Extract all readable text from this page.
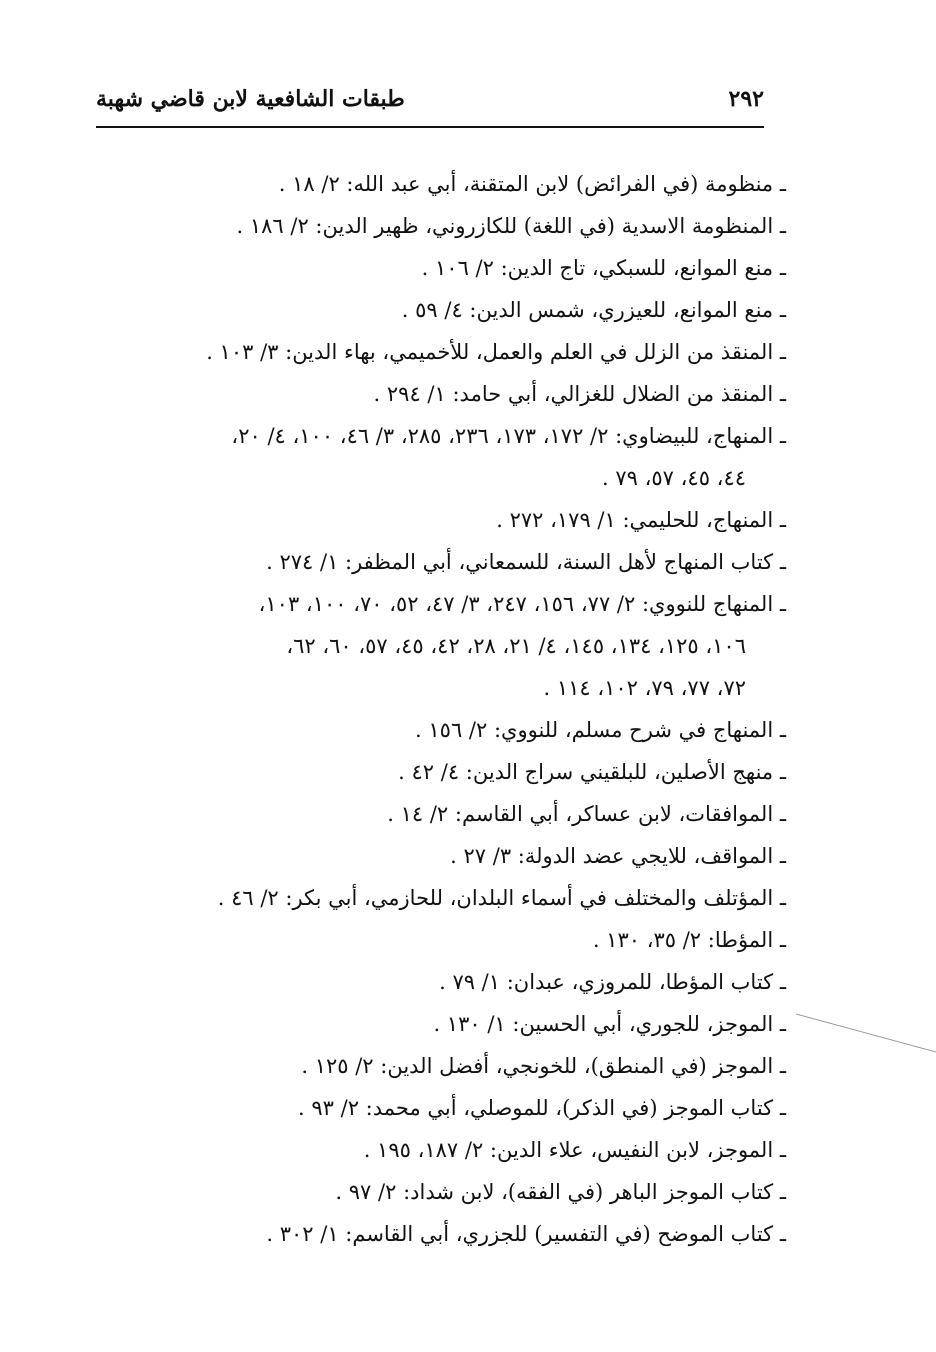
طبقات الشافعية لابن قاضي شهبة	٢٩٢
ـ منظومة (في الفرائض) لابن المتقنة، أبي عبد الله: ٢/ ١٨ .
ـ المنظومة الاسدية (في اللغة) للكازروني، ظهير الدين: ٢/ ١٨٦ .
ـ منع الموانع، للسبكي، تاج الدين: ٢/ ١٠٦ .
ـ منع الموانع، للعيزري، شمس الدين: ٤/ ٥٩ .
ـ المنقذ من الزلل في العلم والعمل، للأخميمي، بهاء الدين: ٣/ ١٠٣ .
ـ المنقذ من الضلال للغزالي، أبي حامد: ١/ ٢٩٤ .
ـ المنهاج، للبيضاوي: ٢/ ١٧٢، ١٧٣، ٢٣٦، ٢٨٥، ٣/ ٤٦، ١٠٠، ٤/ ٢٠،
٤٤، ٤٥، ٥٧، ٧٩ .
ـ المنهاج، للحليمي: ١/ ١٧٩، ٢٧٢ .
ـ كتاب المنهاج لأهل السنة، للسمعاني، أبي المظفر: ١/ ٢٧٤ .
ـ المنهاج للنووي: ٢/ ٧٧، ١٥٦، ٢٤٧، ٣/ ٤٧، ٥٢، ٧٠، ١٠٠، ١٠٣،
١٠٦، ١٢٥، ١٣٤، ١٤٥، ٤/ ٢١، ٢٨، ٤٢، ٤٥، ٥٧، ٦٠، ٦٢،
٧٢، ٧٧، ٧٩، ١٠٢، ١١٤ .
ـ المنهاج في شرح مسلم، للنووي: ٢/ ١٥٦ .
ـ منهج الأصلين، للبلقيني سراج الدين: ٤/ ٤٢ .
ـ الموافقات، لابن عساكر، أبي القاسم: ٢/ ١٤ .
ـ المواقف، للايجي عضد الدولة: ٣/ ٢٧ .
ـ المؤتلف والمختلف في أسماء البلدان، للحازمي، أبي بكر: ٢/ ٤٦ .
ـ المؤطا: ٢/ ٣٥، ١٣٠ .
ـ كتاب المؤطا، للمروزي، عبدان: ١/ ٧٩ .
ـ الموجز، للجوري، أبي الحسين: ١/ ١٣٠ .
ـ الموجز (في المنطق)، للخونجي، أفضل الدين: ٢/ ١٢٥ .
ـ كتاب الموجز (في الذكر)، للموصلي، أبي محمد: ٢/ ٩٣ .
ـ الموجز، لابن النفيس، علاء الدين: ٢/ ١٨٧، ١٩٥ .
ـ كتاب الموجز الباهر (في الفقه)، لابن شداد: ٢/ ٩٧ .
ـ كتاب الموضح (في التفسير) للجزري، أبي القاسم: ١/ ٣٠٢ .
